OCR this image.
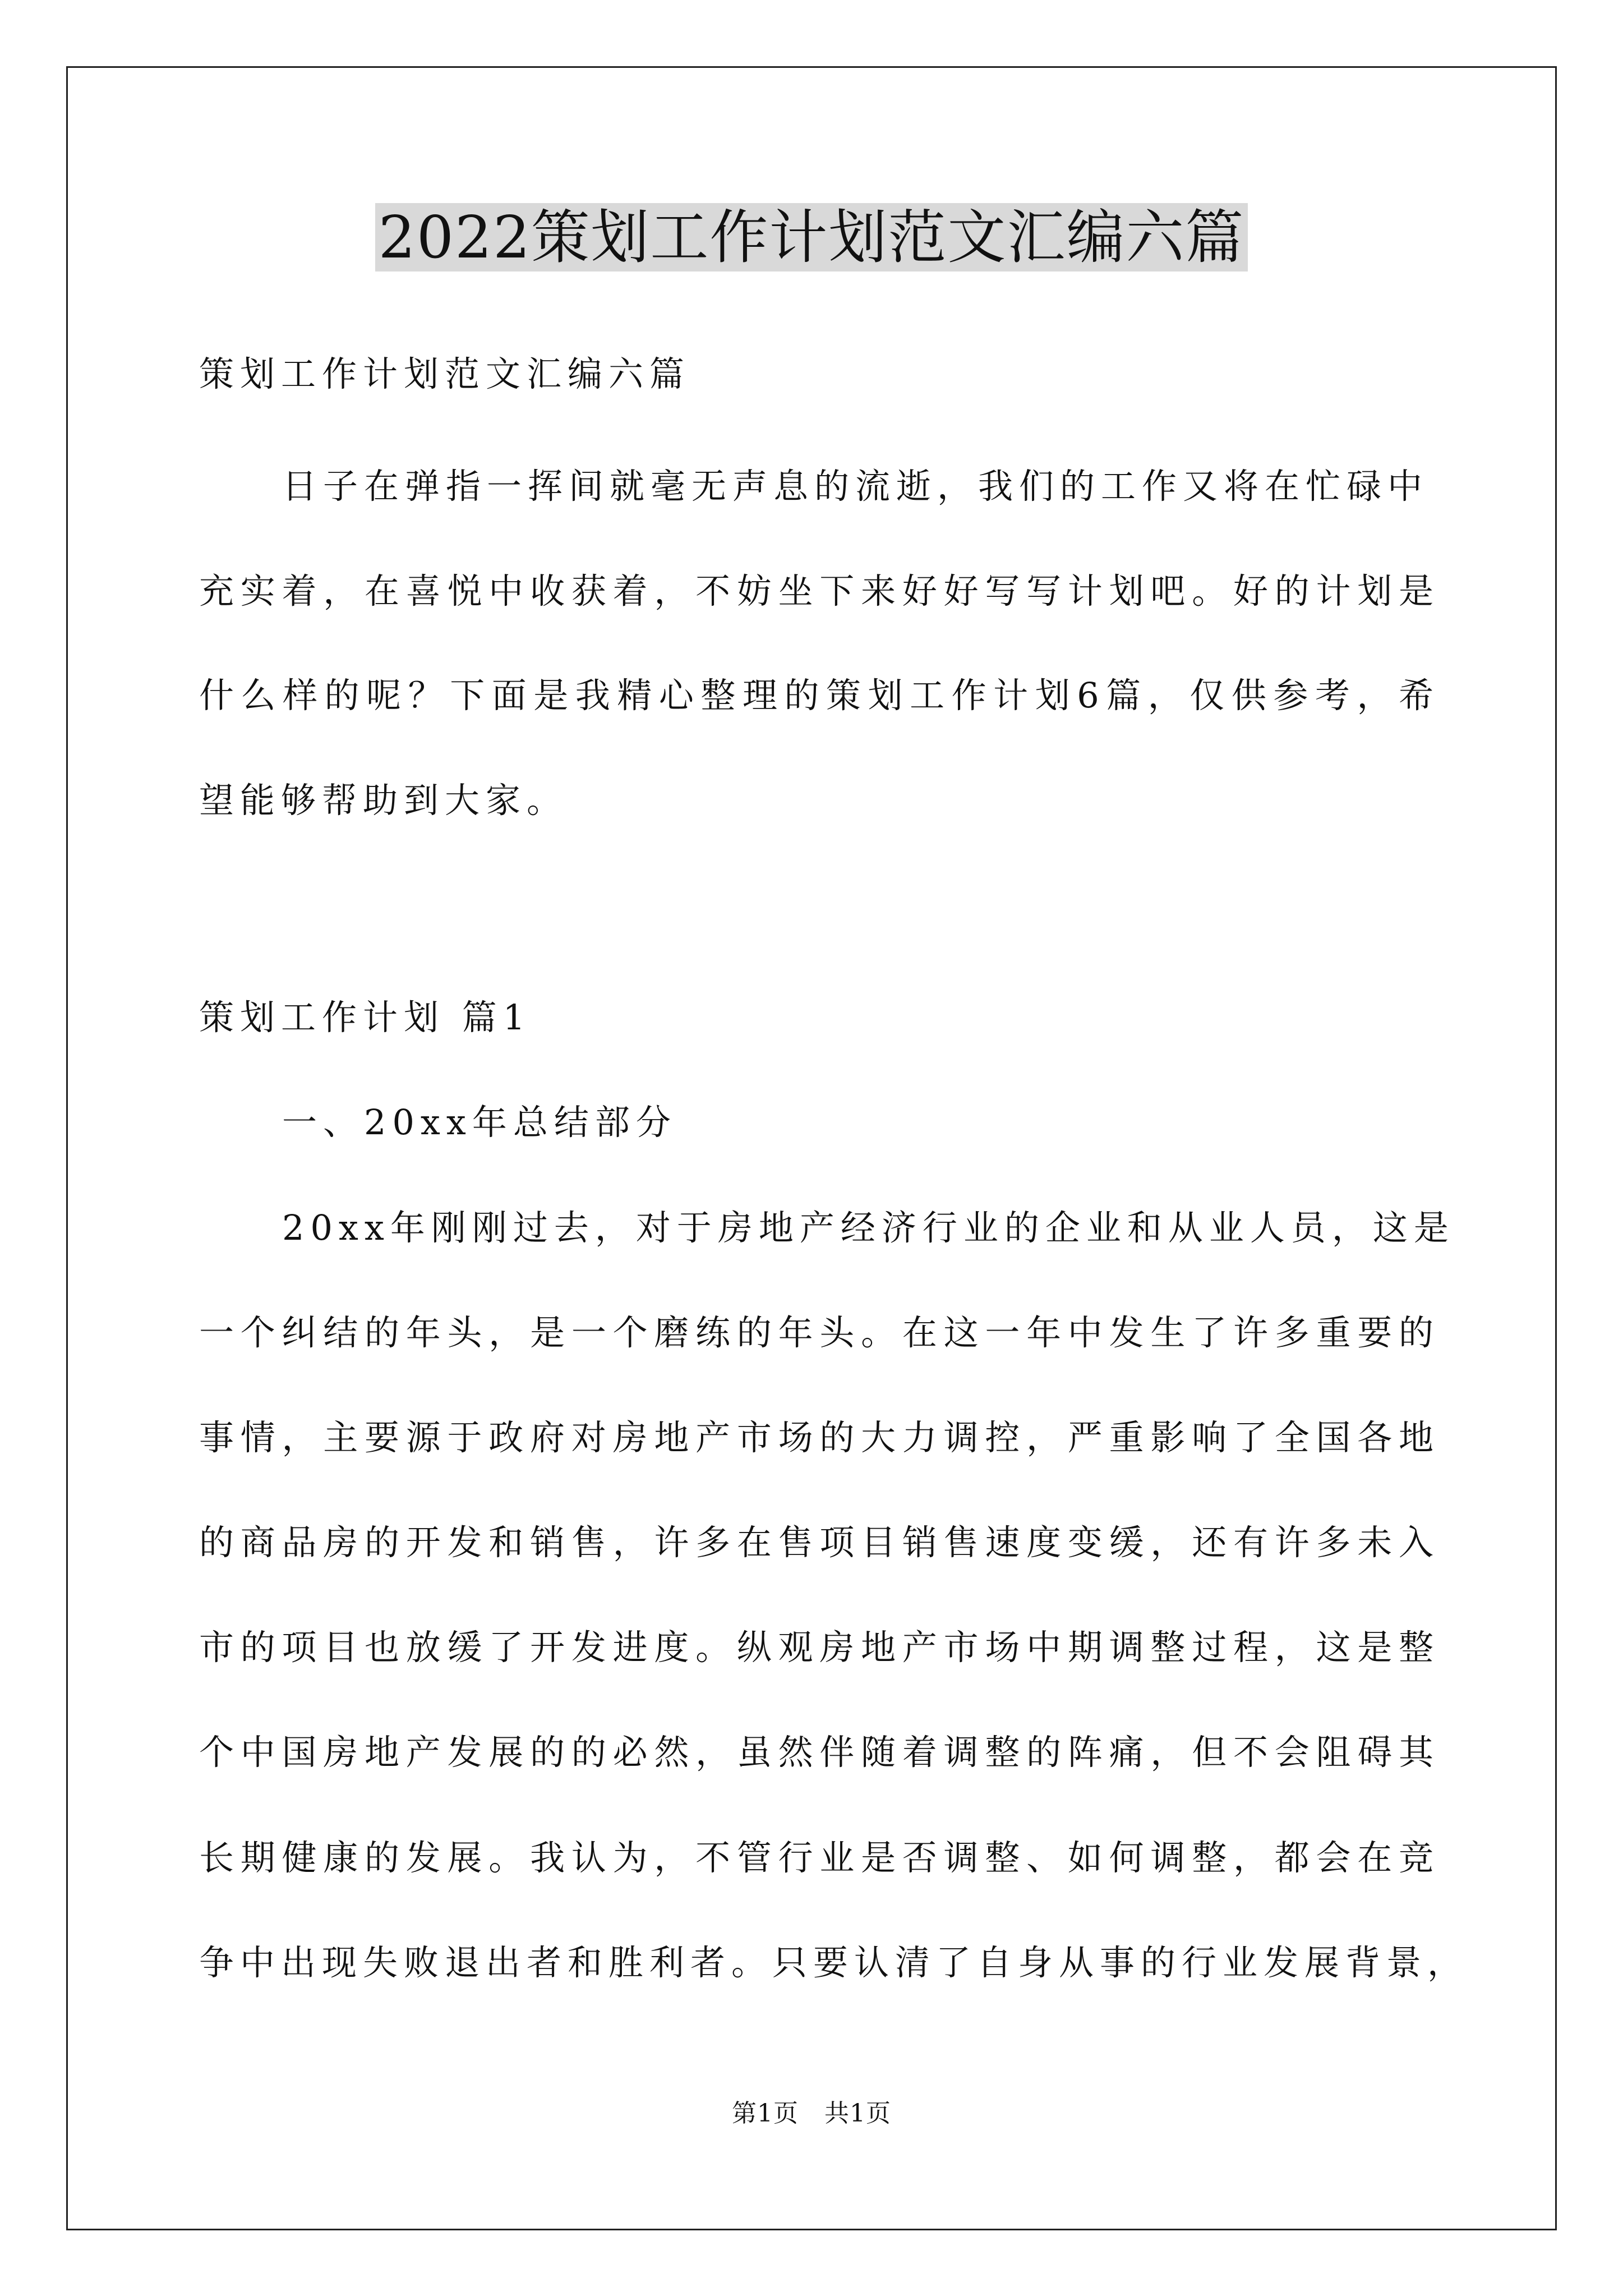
2022策划工作计划范文汇编六篇
策划工作计划范文汇编六篇
日子在弹指一挥间就毫无声息的流逝，我们的工作又将在忙碌中
充实着，在喜悦中收获着，不妨坐下来好好写写计划吧。好的计划是
什么样的呢？下面是我精心整理的策划工作计划6篇，仅供参考，希
望能够帮助到大家。
策划工作计划 篇1
一、20xx年总结部分
20xx年刚刚过去，对于房地产经济行业的企业和从业人员，这是
一个纠结的年头，是一个磨练的年头。在这一年中发生了许多重要的
事情，主要源于政府对房地产市场的大力调控，严重影响了全国各地
的商品房的开发和销售，许多在售项目销售速度变缓，还有许多未入
市的项目也放缓了开发进度。纵观房地产市场中期调整过程，这是整
个中国房地产发展的的必然，虽然伴随着调整的阵痛，但不会阻碍其
长期健康的发展。我认为，不管行业是否调整、如何调整，都会在竞
争中出现失败退出者和胜利者。只要认清了自身从事的行业发展背景，
第1页 共1页
